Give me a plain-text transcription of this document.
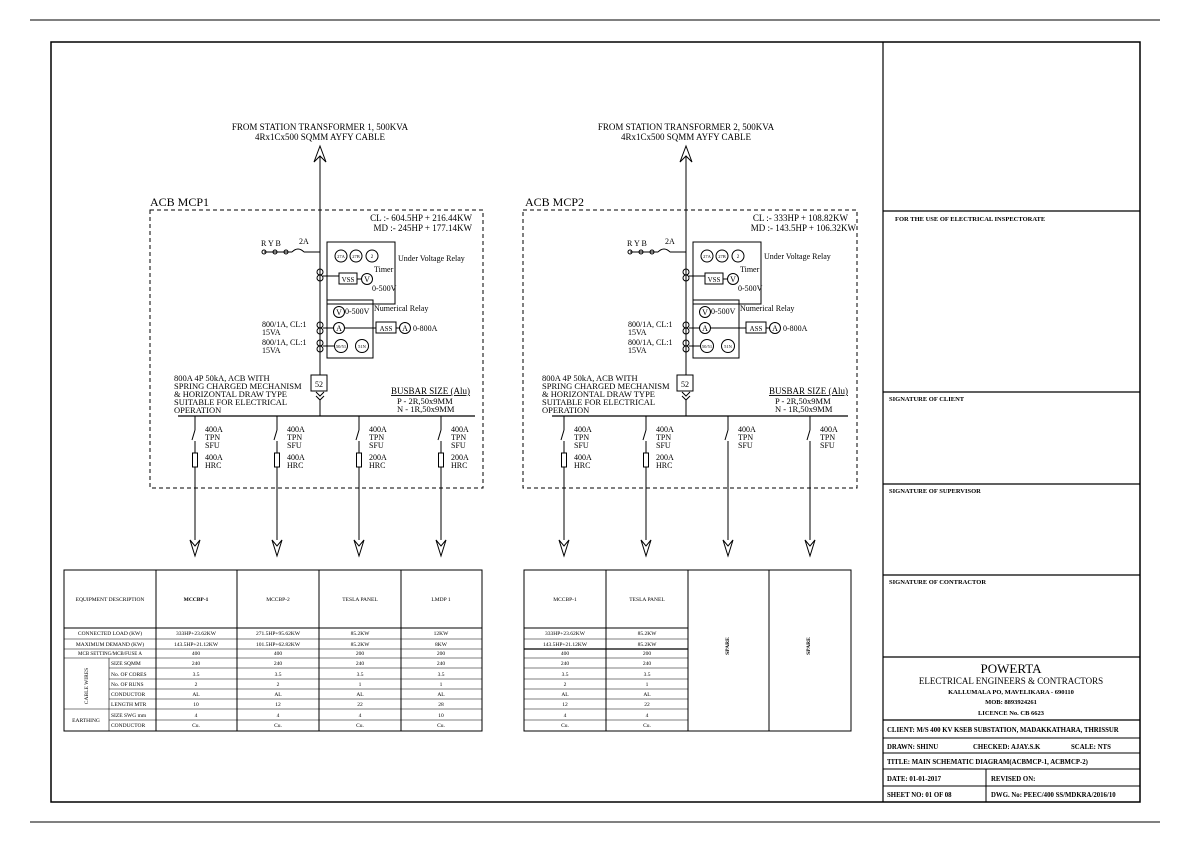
FROM STATION TRANSFORMER 1, 500KVA
4Rx1Cx500 SQMM AYFY CABLE
ACB MCP1
CL :- 604.5HP + 216.44KW
MD :- 245HP + 177.14KW
R Y B 2A
27A 27B 2
Timer
Under Voltage Relay
VSS V
0-500V
V 0-500V Numerical Relay
800/1A, CL:1
15VA	A	ASS A 0-800A
800/1A, CL:1
15VA	50/51	51N
52
800A 4P 50kA, ACB WITH
SPRING CHARGED MECHANISM
& HORIZONTAL DRAW TYPE
SUITABLE FOR ELECTRICAL
OPERATION
BUSBAR SIZE (Alu)
P - 2R,50x9MM
N - 1R,50x9MM
400A
TPN
SFU
400A
HRC
400A
TPN
SFU
400A
HRC
400A
TPN
SFU
200A
HRC
400A
TPN
SFU
200A
HRC
FROM STATION TRANSFORMER 2, 500KVA
4Rx1Cx500 SQMM AYFY CABLE
ACB MCP2
CL :- 333HP + 108.82KW
MD :- 143.5HP + 106.32KW
R Y B 2A
27A 27B 2
Timer
Under Voltage Relay
VSS V
0-500V
V 0-500V Numerical Relay
800/1A, CL:1
15VA	A	ASS A 0-800A
800/1A, CL:1
15VA	50/51	51N
52
800A 4P 50kA, ACB WITH
SPRING CHARGED MECHANISM
& HORIZONTAL DRAW TYPE
SUITABLE FOR ELECTRICAL
OPERATION
BUSBAR SIZE (Alu)
P - 2R,50x9MM
N - 1R,50x9MM
400A
TPN
SFU
400A
HRC
400A
TPN
SFU
200A
HRC
400A
TPN
SFU
400A
TPN
SFU
EQUIPMENT DESCRIPTION	MCCBP-1	MCCBP-2	TESLA PANEL	LMDP 1
CONNECTED LOAD (KW)	333HP+23.62KW	271.5HP+95.62KW	85.2KW	12KW
MAXIMUM DEMAND (KW)	143.5HP+21.12KW	101.5HP+62.82KW	85.2KW	8KW
MCB SETTING/MCB/FUSE A	400	400	200	200
CABLE WIRES
SIZE SQMM	240	240	240	240
No. OF CORES	3.5	3.5	3.5	3.5
No. OF RUNS	2	2	1	1
CONDUCTOR	AL	AL	AL	AL
LENGTH MTR	10	12	22	28
EARTHING
SIZE SWG mm	4	4	4	10
CONDUCTOR	Cu.	Cu.	Cu.	Cu.
MCCBP-1	TESLA PANEL
SPARE	SPARE
333HP+23.62KW	85.2KW
143.5HP+21.12KW	85.2KW
400	200
240	240
3.5	3.5
2	1
AL	AL
12	22
4	4
Cu.	Cu.
FOR THE USE OF ELECTRICAL INSPECTORATE
SIGNATURE OF CLIENT
SIGNATURE OF SUPERVISOR
SIGNATURE OF CONTRACTOR
POWERTA
ELECTRICAL ENGINEERS & CONTRACTORS
KALLUMALA PO, MAVELIKARA - 690110
MOB: 8893924261
LICENCE No. CB 6623
CLIENT: M/S 400 KV KSEB SUBSTATION, MADAKKATHARA, THRISSUR
DRAWN: SHINU	CHECKED: AJAY.S.K	SCALE: NTS
TITLE: MAIN SCHEMATIC DIAGRAM(ACBMCP-1, ACBMCP-2)
DATE: 01-01-2017	REVISED ON:
SHEET NO: 01 OF 08	DWG. No: PEEC/400 SS/MDKRA/2016/10
